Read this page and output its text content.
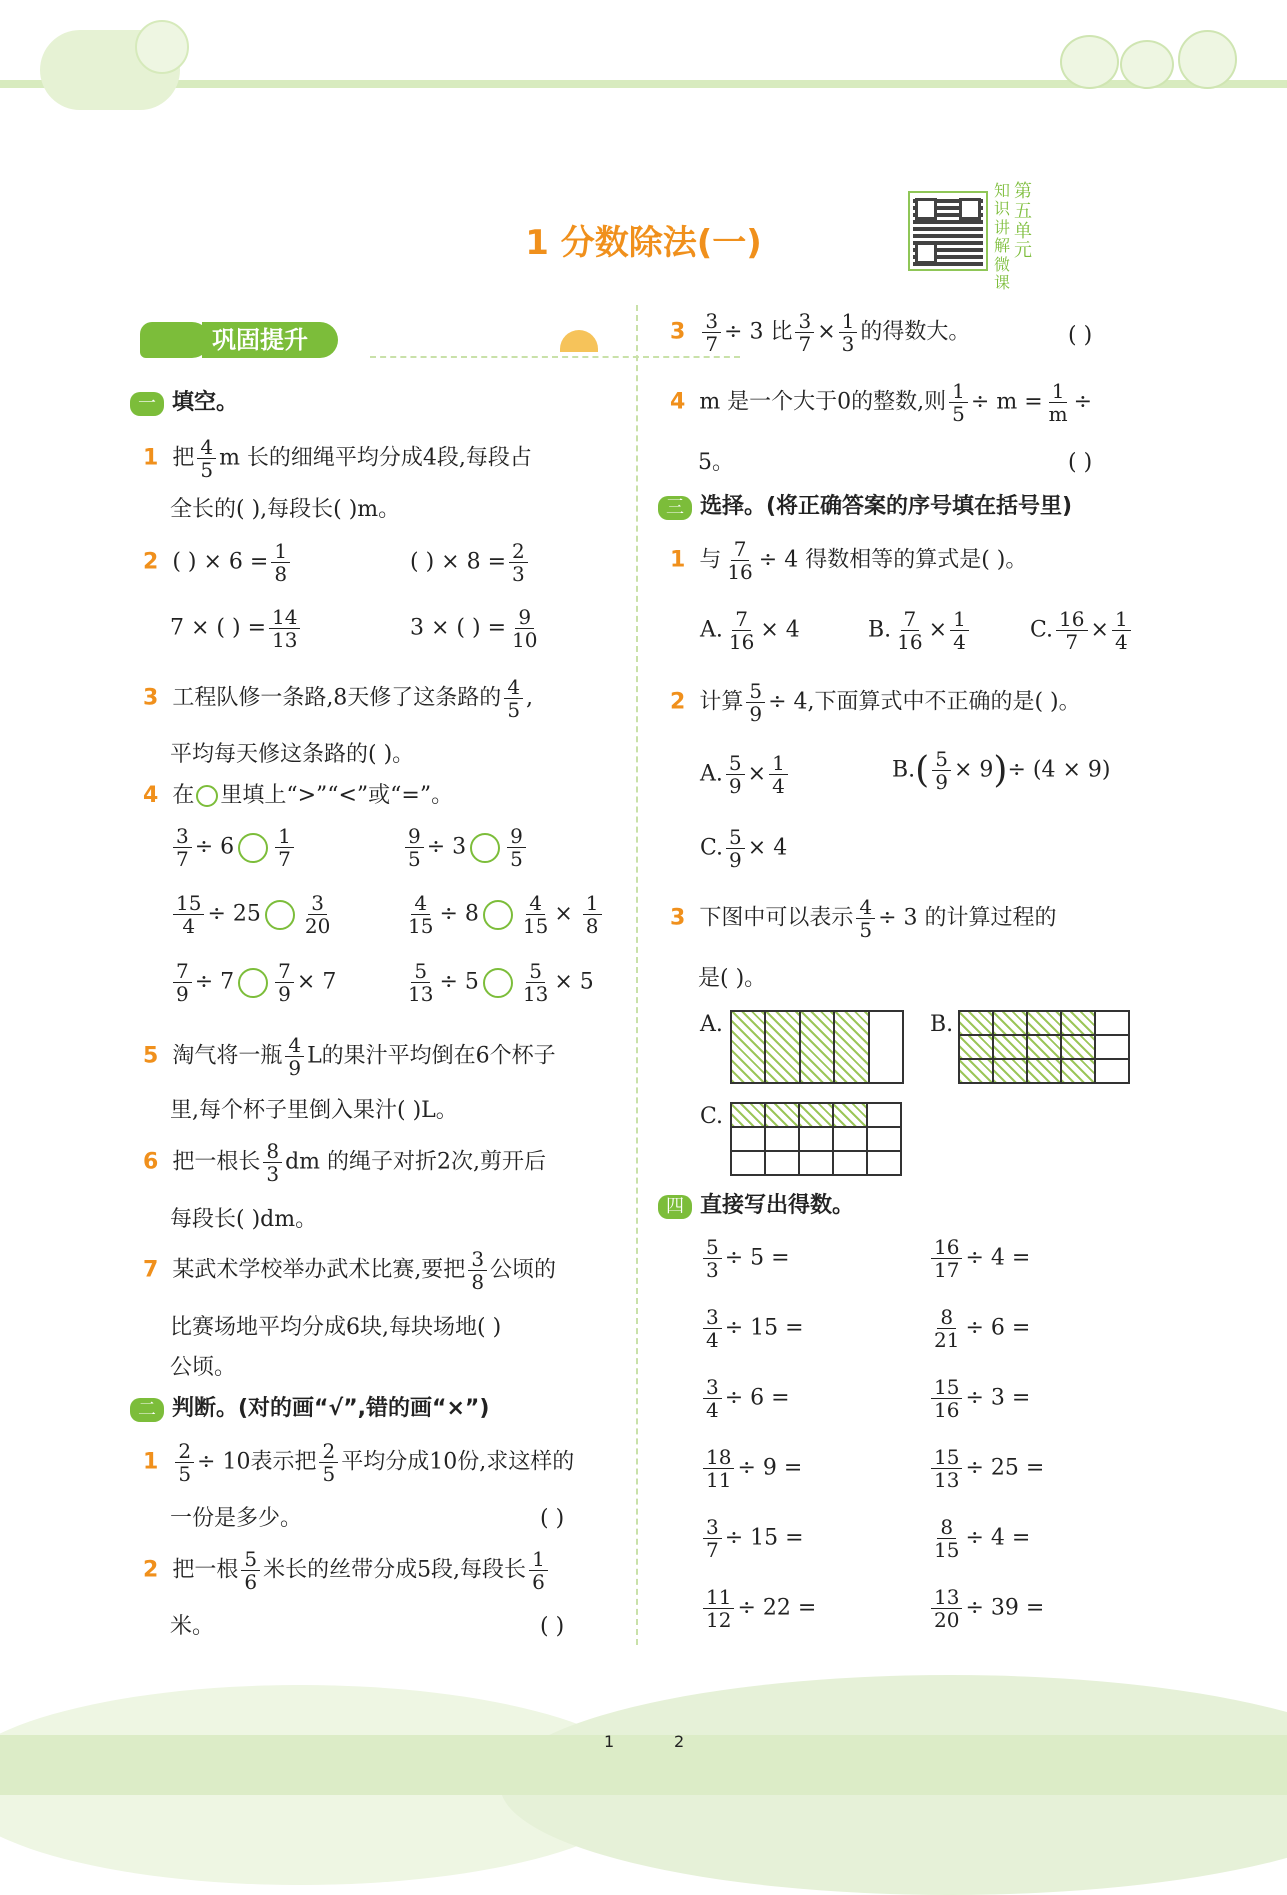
1 分数除法(一)
知识讲解微课
第五单元
巩固提升
一 填空。
1 把 $\frac{4}{5}$ m 长的细绳平均分成4段,每段占
全长的( ),每段长( )m。
2 ( ) × $6 = \frac{1}{8}$	( ) × $8 = \frac{2}{3}$
7 × ( ) = $\frac{14}{13}$	3 × ( ) = $\frac{9}{10}$
3 工程队修一条路,8天修了这条路的 $\frac{4}{5}$ ,
平均每天修这条路的( )。
4 在 里填上“>”“<”或“=”。
$\frac{3}{7} \div 6 \frac{1}{7}$	$\frac{9}{5} \div 3 \frac{9}{5}$
$\frac{15}{4} \div 25 \frac{3}{20}$	$\frac{4}{15} \div 8 \frac{4}{15} \times \frac{1}{8}$
$\frac{7}{9} \div 7 \frac{7}{9} \times 7$	$\frac{5}{13} \div 5 \frac{5}{13} \times 5$
5 淘气将一瓶 $\frac{4}{9}$ L的果汁平均倒在6个杯子
里,每个杯子里倒入果汁( )L。
6 把一根长 $\frac{8}{3}$ dm 的绳子对折2次,剪开后
每段长( )dm。
7 某武术学校举办武术比赛,要把 $\frac{3}{8}$ 公顷的
比赛场地平均分成6块,每块场地( )
公顷。
二 判断。(对的画“√”,错的画“×”)
$1 \frac{2}{5} \div 10$表示把 $\frac{2}{5}$ 平均分成10份,求这样的
一份是多少。	( )
2 把一根 $\frac{5}{6}$ 米长的丝带分成5段,每段长 $\frac{1}{6}$
米。	( )
$3 \frac{3}{7} \div 3$ 比 $\frac{3}{7} \times \frac{1}{3}$ 的得数大。	( )
4 m 是一个大于0的整数,则 $\frac{1}{5} \div m = \frac{1}{m}$ ÷
5。	( )
三 选择。(将正确答案的序号填在括号里)
1 与 $\frac{7}{16} \div 4$ 得数相等的算式是( )。
A. $\frac{7}{16} \times 4$	B. $\frac{7}{16} \times \frac{1}{4}$	C. $\frac{16}{7} \times \frac{1}{4}$
2 计算 $\frac{5}{9} \div 4$,下面算式中不正确的是( )。
A. $\frac{5}{9} \times \frac{1}{4}$	$B.( \frac{5}{9} \times 9)\div (4 \times 9)$
C. $\frac{5}{9} \times 4$
3 下图中可以表示 $\frac{4}{5} \div 3$ 的计算过程的
是( )。
A.	B.
C.
四 直接写出得数。
$\frac{5}{3} \div 5$ =	$\frac{16}{17} \div 4$ =
$\frac{3}{4} \div 15$ =	$\frac{8}{21} \div 6$ =
$\frac{3}{4} \div 6$ =	$\frac{15}{16} \div 3$ =
$\frac{18}{11} \div 9$ =	$\frac{15}{13} \div 25$ =
$\frac{3}{7} \div 15$ =	$\frac{8}{15} \div 4$ =
$\frac{11}{12} \div 22$ =	$\frac{13}{20} \div 39$ =
1	2
